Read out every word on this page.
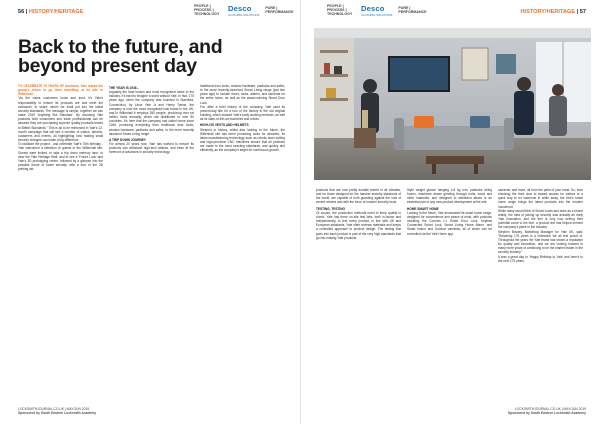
56 | HISTORY/HERITAGE
PEOPLE | PROCESS | TECHNOLOGY
Desco
CLOTHING SOLUTIONS
PURE | PERFORMANCE
Back to the future, and beyond present day

TO CELEBRATE 75 YEARS OF business, Yale marks the group's return to go 'time travelling' at its site in Willenhall.

"As the name customers know and trust, it's Yale's responsibility to ensure its products are and meet the consumer, to share, which we shall put into the latest security standards. The message is simple, together we can make 2019 'Anything But Standard'. By choosing Yale products both consumers and trade professionals can be assured they are purchasing superior quality products tested to British Standards." This is all to be reinforced in Yale's 12-month campaign that will see a number of videos, adverts, customers and events, all highlighting how making small security changes can make a big difference.

To kickstart the project - and celebrate Yale's 75th birthday - Yale welcomed a selection of guests to the Willenhall site. Guests were invited, to take a trip down memory lane, to view the Yale Heritage Wall, and to see a 'Future Lock' and Yale's 3D prototyping centre, followed by a glimpse into the possible future of home security, with a tour of the 3D printing lab.

THE YEAR IS 1946...

Arguably the best known and most recognised name in the industry, it's hard to imagine a world without Yale. In fact, 175 years ago, when the company was founded in Stamford, Connecticut, by Linus Yale Jr and Henry Towne, the company is now the most recognised lock brand in the UK, and in Willenhall it employs 350 people, producing over six million locks annually, which are distributed to over 80 countries. It's here that the company has called home since 1946, producing everything from traditional door locks, window hardware, padlocks and safes, to the more recently launched Smart Living range.

A TRIP DOWN JOURNEY

For almost 20 years now, Yale has worked to ensure its products can withstand high-tech attacks, and been at the forefront of advances in security technology.

traditional door locks, window hardware, padlocks and safes, to the more recently-launched Smart Living range (just two years ago) to include doors, locks, alarms, and cameras for the entire home, as well as the award-winning Smart Door Lock.

For, after a brief history of the company, Yale used its present-day site for a tour of the factory in the old original building, which showed Yale's early working methods, as well as its state-of-the-art machines and robots.

HIGH-VIS VESTS AND HELMETS

Steeped in history, whilst also looking to the future, the Willenhall site has been producing locks for decades. Its latest manufacturing technology such as robotic laser cutting and high-precision CNC machines ensure that all products are made to the most exacting standards, and quickly and efficiently, as the company's target for continuous growth.

LOCKSMITHJOURNAL.CO.UK | MAY/JUN 2019
Sponsored by South Eastern Locksmith Academy
PEOPLE | PROCESS | TECHNOLOGY
Desco
CLOTHING SOLUTIONS
PURE | PERFORMANCE	HISTORY/HERITAGE | 57

products that are now pretty durable tested in all climates, and for those designed for the harsher security standards of the world, are capable of both guarding against the cold of severe winters and with the force of modern security tools.

TESTING, TESTING

Of course, the production methods need to keep quality in check. Yale has three on-site test labs, both in-house and independently, to test every product, in line with UK and European standards. Yale often reviews materials and keeps a controlled approach to product design. The testing that goes into each product is part of the very high standards that go into making Yale products.

Style weight glance hanging 4-8 kg mm, padlocks being frozen, machines drawn grinding through bolts, wood and other materials, and designed to withstand abuse is an essential part of any new product development at the site.

HOME SMART HOME

Looking to the future, Yale showcased its smart home range, designed for convenience and peace of mind, with products including the Conexis L1 Smart Door Lock, Keyless Connected Smart Lock, Smart Living Home Alarm, and Smart Indoor and Outdoor cameras, all of which can be controlled via the Yale Home app.

cameras, and more, all from the palm of your hand. So, from checking the front door to instant access for visitors or a quick way to let someone in while away, the firm's smart home range brings the latest products into the modern household.

While many would think of Smart Locks and hubs as a recent reality, the idea of joining up security was actually an early Yale innovation, and the firm is only now seeing their potential come to the fore, a product line has helped cement the company's place in the industry.

Stephen Bowley, Marketing Manager for Yale UK, said: "Reaching 175 years is a milestone we all feel proud of. Throughout the years the Yale brand has shown a reputation for quality and innovation, and we are looking forward to many more years of continuing to be the market leader in the security industry."

It was a great day to 'Happy Birthday to Yale' and here's to the next 175 years.

LOCKSMITHJOURNAL.CO.UK | MAY/JUN 2019
Sponsored by South Eastern Locksmith Academy
